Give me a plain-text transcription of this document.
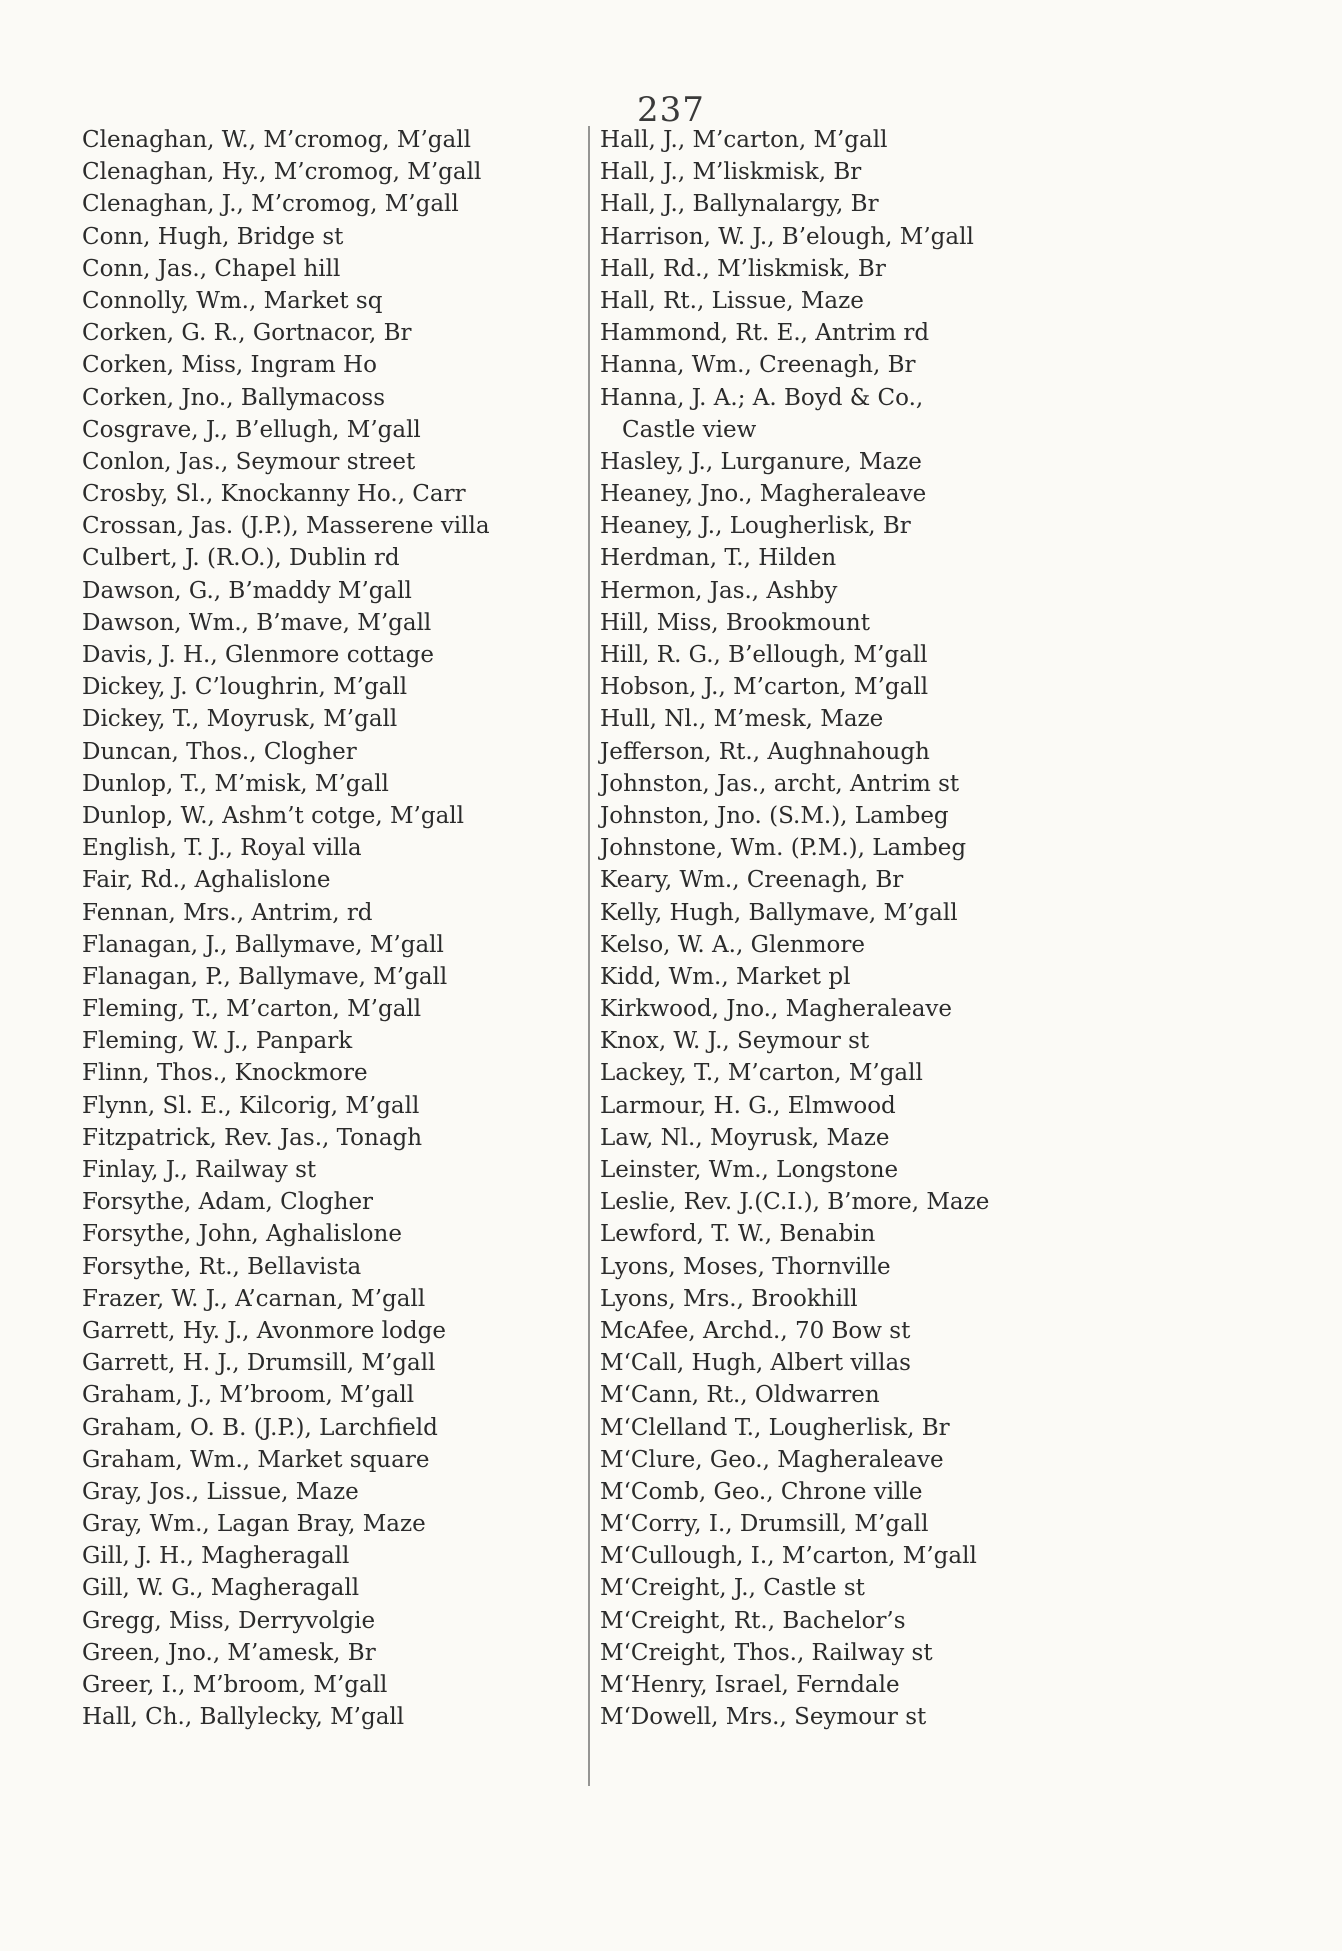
237
Clenaghan, W., M’cromog, M’gall
Clenaghan, Hy., M’cromog, M’gall
Clenaghan, J., M’cromog, M’gall
Conn, Hugh, Bridge st
Conn, Jas., Chapel hill
Connolly, Wm., Market sq
Corken, G. R., Gortnacor, Br
Corken, Miss, Ingram Ho
Corken, Jno., Ballymacoss
Cosgrave, J., B’ellugh, M’gall
Conlon, Jas., Seymour street
Crosby, Sl., Knockanny Ho., Carr
Crossan, Jas. (J.P.), Masserene villa
Culbert, J. (R.O.), Dublin rd
Dawson, G., B’maddy M’gall
Dawson, Wm., B’mave, M’gall
Davis, J. H., Glenmore cottage
Dickey, J. C’loughrin, M’gall
Dickey, T., Moyrusk, M’gall
Duncan, Thos., Clogher
Dunlop, T., M’misk, M’gall
Dunlop, W., Ashm’t cotge, M’gall
English, T. J., Royal villa
Fair, Rd., Aghalislone
Fennan, Mrs., Antrim, rd
Flanagan, J., Ballymave, M’gall
Flanagan, P., Ballymave, M’gall
Fleming, T., M’carton, M’gall
Fleming, W. J., Panpark
Flinn, Thos., Knockmore
Flynn, Sl. E., Kilcorig, M’gall
Fitzpatrick, Rev. Jas., Tonagh
Finlay, J., Railway st
Forsythe, Adam, Clogher
Forsythe, John, Aghalislone
Forsythe, Rt., Bellavista
Frazer, W. J., A’carnan, M’gall
Garrett, Hy. J., Avonmore lodge
Garrett, H. J., Drumsill, M’gall
Graham, J., M’broom, M’gall
Graham, O. B. (J.P.), Larchfield
Graham, Wm., Market square
Gray, Jos., Lissue, Maze
Gray, Wm., Lagan Bray, Maze
Gill, J. H., Magheragall
Gill, W. G., Magheragall
Gregg, Miss, Derryvolgie
Green, Jno., M’amesk, Br
Greer, I., M’broom, M’gall
Hall, Ch., Ballylecky, M’gall
Hall, J., M’carton, M’gall
Hall, J., M’liskmisk, Br
Hall, J., Ballynalargy, Br
Harrison, W. J., B’elough, M’gall
Hall, Rd., M’liskmisk, Br
Hall, Rt., Lissue, Maze
Hammond, Rt. E., Antrim rd
Hanna, Wm., Creenagh, Br
Hanna, J. A.; A. Boyd & Co.,
Castle view
Hasley, J., Lurganure, Maze
Heaney, Jno., Magheraleave
Heaney, J., Lougherlisk, Br
Herdman, T., Hilden
Hermon, Jas., Ashby
Hill, Miss, Brookmount
Hill, R. G., B’ellough, M’gall
Hobson, J., M’carton, M’gall
Hull, Nl., M’mesk, Maze
Jefferson, Rt., Aughnahough
Johnston, Jas., archt, Antrim st
Johnston, Jno. (S.M.), Lambeg
Johnstone, Wm. (P.M.), Lambeg
Keary, Wm., Creenagh, Br
Kelly, Hugh, Ballymave, M’gall
Kelso, W. A., Glenmore
Kidd, Wm., Market pl
Kirkwood, Jno., Magheraleave
Knox, W. J., Seymour st
Lackey, T., M’carton, M’gall
Larmour, H. G., Elmwood
Law, Nl., Moyrusk, Maze
Leinster, Wm., Longstone
Leslie, Rev. J.(C.I.), B’more, Maze
Lewford, T. W., Benabin
Lyons, Moses, Thornville
Lyons, Mrs., Brookhill
McAfee, Archd., 70 Bow st
M‘Call, Hugh, Albert villas
M‘Cann, Rt., Oldwarren
M‘Clelland T., Lougherlisk, Br
M‘Clure, Geo., Magheraleave
M‘Comb, Geo., Chrone ville
M‘Corry, I., Drumsill, M’gall
M‘Cullough, I., M’carton, M’gall
M‘Creight, J., Castle st
M‘Creight, Rt., Bachelor’s
M‘Creight, Thos., Railway st
M‘Henry, Israel, Ferndale
M‘Dowell, Mrs., Seymour st
